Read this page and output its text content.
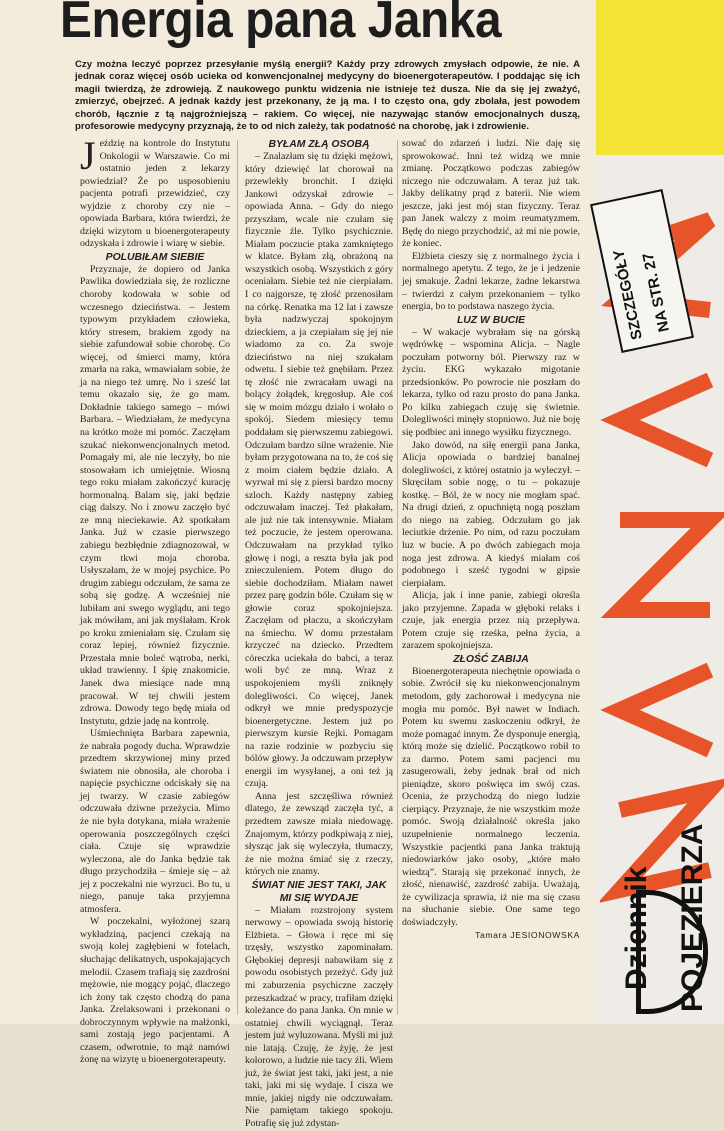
Energia pana Janka
Czy można leczyć poprzez przesyłanie myślą energii? Każdy przy zdrowych zmysłach odpowie, że nie. A jednak coraz więcej osób ucieka od konwencjonalnej medycyny do bioenergoterapeutów. I poddając się ich magii twierdzą, że zdrowieją. Z naukowego punktu widzenia nie istnieje też dusza. Nie da się jej zważyć, zmierzyć, obejrzeć. A jednak każdy jest przekonany, że ją ma. I to często ona, gdy zbolała, jest powodem chorób, łącznie z tą najgroźniejszą – rakiem. Co więcej, nie nazywając stanów emocjonalnych duszą, profesorowie medycyny przyznają, że to od nich zależy, tak podatność na chorobę, jak i zdrowienie.

Jeździę na kontrole do Instytutu Onkologii w Warszawie. Co mi ostatnio jeden z lekarzy powiedział? Że po usposobieniu pacjenta potrafi przewidzieć, czy wyjdzie z choroby czy nie – opowiada Barbara, która twierdzi, że dzięki wizytom u bioenergoterapeuty odzyskała i zdrowie i wiarę w siebie.

POLUBIŁAM SIEBIE

Przyznaje, że dopiero od Janka Pawlika dowiedziała się, że rozliczne choroby kodowała w sobie od wczesnego dzieciństwa. – Jestem typowym przykładem człowieka, który stresem, brakiem zgody na siebie zafundował sobie chorobę. Co więcej, od śmierci mamy, która zmarła na raka, wmawiałam sobie, że ja na niego też umrę. No i sześć lat temu okazało się, że go mam. Dokładnie takiego samego – mówi Barbara. – Wiedziałam, że medycyna na krótko może mi pomóc. Zaczęłam szukać niekonwencjonalnych metod. Pomagały mi, ale nie leczyły, bo nie stosowałam ich umiejętnie. Wiosną tego roku miałam zakończyć kurację hormonalną. Balam się, jaki będzie ciąg dalszy. No i znowu zaczęło być ze mną nieciekawie. Aż spotkałam Janka. Już w czasie pierwszego zabiegu bezbłędnie zdiagnozował, w czym tkwi moja choroba. Usłyszałam, że w mojej psychice. Po drugim zabiegu odczułam, że sama ze sobą się godzę. A wcześniej nie lubiłam ani swego wyglądu, ani tego jak mówiłam, ani jak myślałam. Krok po kroku zmieniałam się. Czułam się coraz lepiej, również fizycznie. Przestała mnie boleć wątroba, nerki, układ trawienny. I śpię znakomicie. Janek dwa miesiące nade mną pracował. W tej chwili jestem zdrowa. Dowody tego będę miała od Instytutu, gdzie jadę na kontrolę.

Uśmiechnięta Barbara zapewnia, że nabrała pogody ducha. Wprawdzie przedtem skrzywionej miny przed światem nie obnosiła, ale choroba i napięcie psychiczne odciskały się na jej twarzy. W czasie zabiegów odczuwała dziwne przeżycia. Mimo że nie była dotykana, miała wrażenie operowania poszczególnych części ciała. Czuje się wprawdzie wyleczona, ale do Janka będzie tak długo przychodziła – śmieje się – aż jej z poczekalni nie wyrzuci. Bo tu, u niego, panuje taka przyjemna atmosfera.

W poczekalni, wyłożonej szarą wykładziną, pacjenci czekają na swoją kolej zagłębieni w fotelach, słuchając delikatnych, uspokajających melodii. Czasem trafiają się zazdrośni mężowie, nie mogący pojąć, dlaczego ich żony tak często chodzą do pana Janka. Zrelaksowani i przekonani o dobroczynnym wpływie na małżonki, sami zostają jego pacjentami. A czasem, odwrotnie, to mąż namówi żonę na wizytę u bioenergoterapeuty.

BYŁAM ZŁĄ OSOBĄ

– Znalazłam się tu dzięki mężowi, który dziewięć lat chorował na przewlekły bronchit. I dzięki Jankowi odzyskał zdrowie – opowiada Anna. – Gdy do niego przyszłam, wcale nie czułam się fizycznie źle. Tylko psychicznie. Miałam poczucie ptaka zamkniętego w klatce. Byłam złą, obrażoną na wszystkich osobą. Wszystkich z góry oceniałam. Siebie też nie cierpiałam. I co najgorsze, tę złość przenosiłam na córkę. Renatka ma 12 lat i zawsze była nadzwyczaj spokojnym dzieckiem, a ja czepiałam się jej nie wiadomo za co. Za swoje dzieciństwo na niej szukałam odwetu. I siebie też gnębiłam. Przez tę złość nie zwracałam uwagi na bolący żołądek, kręgosłup. Ale coś się w moim mózgu działo i wołało o spokój. Siedem miesięcy temu poddałam się pierwszemu zabiegowi. Odczułam bardzo silne wrażenie. Nie byłam przygotowana na to, że coś się z moim ciałem będzie działo. A wyrwał mi się z piersi bardzo mocny szloch. Każdy następny zabieg odczuwałam inaczej. Też płakałam, ale już nie tak intensywnie. Miałam też poczucie, że jestem operowana. Odczuwałam na przykład tylko głowę i nogi, a reszta była jak pod znieczuleniem. Potem długo do siebie dochodziłam. Miałam nawet przez parę godzin bóle. Czułam się w głowie coraz spokojniejsza. Zaczęłam od płaczu, a skończyłam na śmiechu. W domu przestałam krzyczeć na dziecko. Przedtem córeczka uciekała do babci, a teraz woli być ze mną. Wraz z uspokojeniem myśli zniknęły dolegliwości. Co więcej, Janek odkrył we mnie predyspozycje bioenergetyczne. Jestem już po pierwszym kursie Rejki. Pomagam na razie rodzinie w pozbyciu się bólów głowy. Ja odczuwam przepływ energii im wysyłanej, a oni też ją czują.

Anna jest szczęśliwa również dlatego, że zewsząd zaczęła tyć, a przedtem zawsze miała niedowagę. Znajomym, którzy podkpiwają z niej, słysząc jak się wyleczyła, tłumaczy, że nie można śmiać się z rzeczy, których nie znamy.

ŚWIAT NIE JEST TAKI, JAK MI SIĘ WYDAJE

– Miałam rozstrojony system nerwowy – opowiada swoją historię Elżbieta. – Głowa i ręce mi się trzęsły, wszystko zapominałam. Głębokiej depresji nabawiłam się z powodu osobistych przeżyć. Gdy już mi zaburzenia psychiczne zaczęły przeszkadzać w pracy, trafiłam dzięki koleżance do pana Janka. On mnie w ostatniej chwili wyciągnął. Teraz jestem już wyluzowana. Myśli mi już nie latają. Czuję, że żyję, że jest kolorowo, a ludzie nie tacy źli. Wiem już, że świat jest taki, jaki jest, a nie taki, jaki mi się wydaje. I cisza we mnie, jakiej nigdy nie odczuwałam. Nie pamiętam takiego spokoju. Potrafię się już zdystan-

sować do zdarzeń i ludzi. Nie daję się sprowokować. Inni też widzą we mnie zmianę. Początkowo podczas zabiegów niczego nie odczuwałam. A teraz już tak. Jakby delikatny prąd z baterii. Nie wiem jeszcze, jaki jest mój stan fizyczny. Teraz pan Janek walczy z moim reumatyzmem. Będę do niego przychodzić, aż mi nie powie, że koniec.

Elżbieta cieszy się z normalnego życia i normalnego apetytu. Z tego, że je i jedzenie jej smakuje. Żadni lekarze, żadne lekarstwa – twierdzi z całym przekonaniem – tylko energia, bo to podstawa naszego życia.

LUZ W BUCIE

– W wakacje wybrałam się na górską wędrówkę – wspomina Alicja. – Nagle poczułam potworny ból. Pierwszy raz w życiu. EKG wykazało migotanie przedsionków. Po powrocie nie poszłam do lekarza, tylko od razu prosto do pana Janka. Po kilku zabiegach czuję się świetnie. Dolegliwości minęły stopniowo. Już nie boję się podbiec ani innego wysiłku fizycznego.

Jako dowód, na siłę energii pana Janka, Alicja opowiada o bardziej banalnej dolegliwości, z której ostatnio ja wyleczył. – Skręciłam sobie nogę, o tu – pokazuje kostkę. – Ból, że w nocy nie mogłam spać. Na drugi dzień, z opuchniętą nogą poszłam do niego na zabieg. Odczułam go jak leciutkie drżenie. Po nim, od razu poczułam luz w bucie. A po dwóch zabiegach moja noga jest zdrowa. A kiedyś miałam coś podobnego i sześć tygodni w gipsie cierpiałam.

Alicja, jak i inne panie, zabiegi określa jako przyjemne. Zapada w głęboki relaks i czuje, jak energia przez nią przepływa. Potem czuje się rześka, pełna życia, a zarazem spokojniejsza.

ZŁOŚĆ ZABIJA

Bioenergoterapeuta niechętnie opowiada o sobie. Zwrócił się ku niekonwencjonalnym metodom, gdy zachorował i medycyna nie mogła mu pomóc. Był nawet w Indiach. Potem ku swemu zaskoczeniu odkrył, że może pomagać innym. Że dysponuje energią, którą może się dzielić. Początkowo robił to za darmo. Potem sami pacjenci mu zasugerowali, żeby jednak brał od nich pieniądze, skoro poświęca im swój czas. Ocenia, że przychodzą do niego ludzie cierpiący. Przyznaje, że nie wszystkim może pomóc. Swoją działalność określa jako uzupełnienie normalnego leczenia. Wszystkie pacjentki pana Janka traktują niedowiarków jako osoby, „które mało wiedzą”. Starają się przekonać innych, że złość, nienawiść, zazdrość zabija. Uważają, że cywilizacja sprawia, iż nie ma się czasu na słuchanie siebie. One same tego doświadczyły.

Tamara JESIONOWSKA

SZCZEGÓŁY
NA STR. 27
Dziennik POJEZIERZA
